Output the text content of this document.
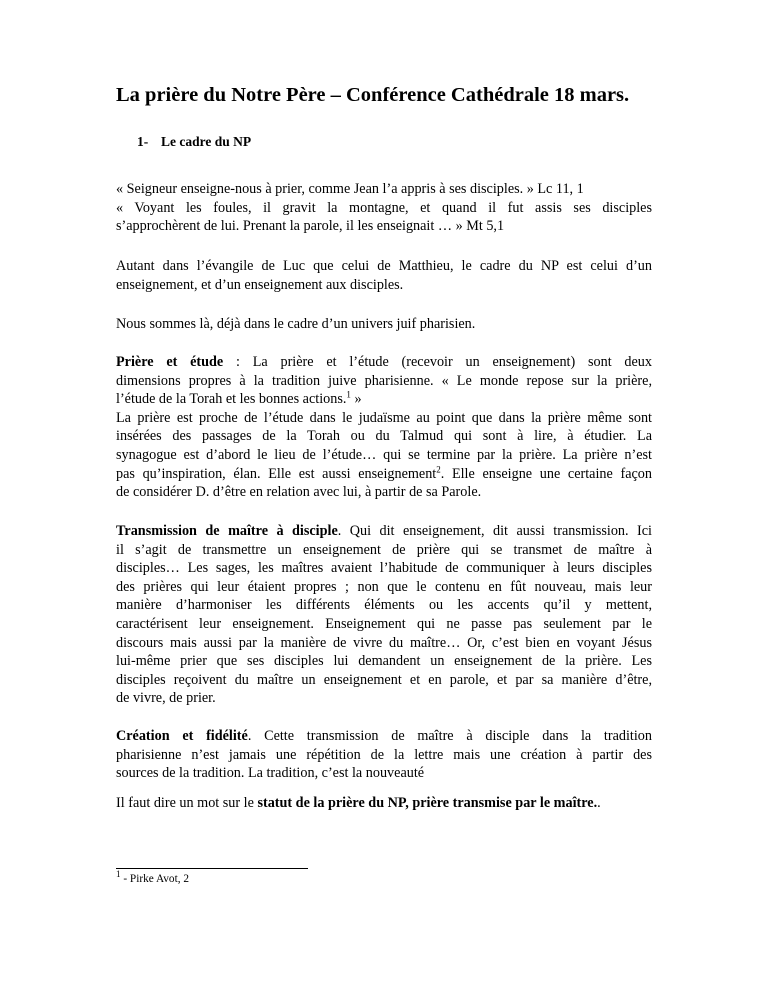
La prière du Notre Père – Conférence Cathédrale 18 mars.
1- Le cadre du NP
« Seigneur enseigne-nous à prier, comme Jean l’a appris à ses disciples. » Lc 11, 1
« Voyant les foules, il gravit la montagne, et quand il fut assis ses disciples
s’approchèrent de lui. Prenant la parole, il les enseignait … » Mt 5,1
Autant dans l’évangile de Luc que celui de Matthieu, le cadre du NP est celui d’un
enseignement, et d’un enseignement aux disciples.
Nous sommes là, déjà dans le cadre d’un univers juif pharisien.
Prière et étude : La prière et l’étude (recevoir un enseignement) sont deux
dimensions propres à la tradition juive pharisienne. « Le monde repose sur la prière,
l’étude de la Torah et les bonnes actions.$^1$ »
La prière est proche de l’étude dans le judaïsme au point que dans la prière même sont
insérées des passages de la Torah ou du Talmud qui sont à lire, à étudier. La
synagogue est d’abord le lieu de l’étude… qui se termine par la prière. La prière n’est
pas qu’inspiration, élan. Elle est aussi enseignement$^2$. Elle enseigne une certaine façon
de considérer D. d’être en relation avec lui, à partir de sa Parole.
Transmission de maître à disciple. Qui dit enseignement, dit aussi transmission. Ici
il s’agit de transmettre un enseignement de prière qui se transmet de maître à
disciples… Les sages, les maîtres avaient l’habitude de communiquer à leurs disciples
des prières qui leur étaient propres ; non que le contenu en fût nouveau, mais leur
manière d’harmoniser les différents éléments ou les accents qu’il y mettent,
caractérisent leur enseignement. Enseignement qui ne passe pas seulement par le
discours mais aussi par la manière de vivre du maître… Or, c’est bien en voyant Jésus
lui-même prier que ses disciples lui demandent un enseignement de la prière. Les
disciples reçoivent du maître un enseignement et en parole, et par sa manière d’être,
de vivre, de prier.
Création et fidélité. Cette transmission de maître à disciple dans la tradition
pharisienne n’est jamais une répétition de la lettre mais une création à partir des
sources de la tradition. La tradition, c’est la nouveauté
Il faut dire un mot sur le statut de la prière du NP, prière transmise par le maître..
$^1$ - Pirke Avot, 2
